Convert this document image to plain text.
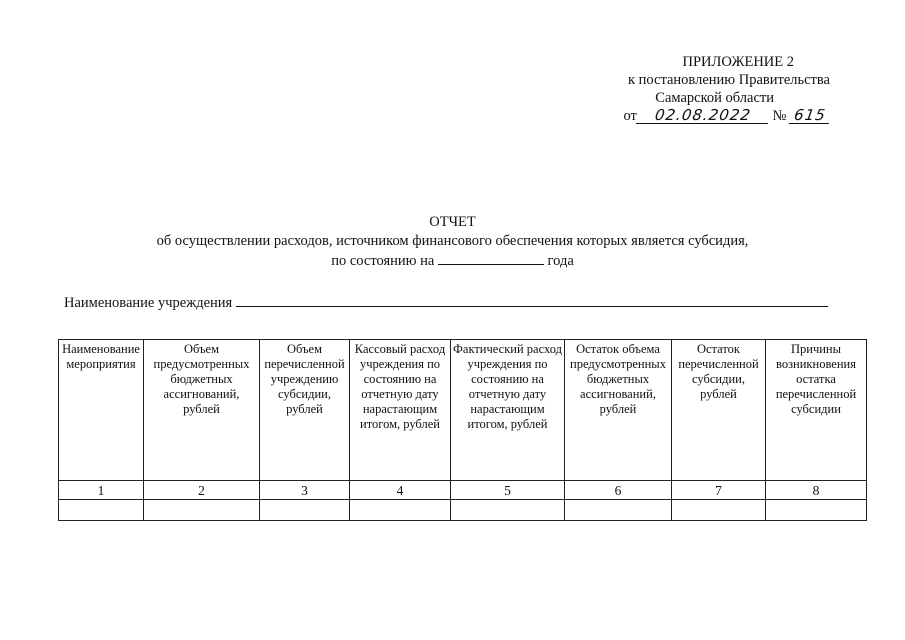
ПРИЛОЖЕНИЕ 2
к постановлению Правительства
Самарской области
от 02.08.2022 № 615
ОТЧЕТ
об осуществлении расходов, источником финансового обеспечения которых является субсидия,
по состоянию на	года
Наименование учреждения
Наименование мероприятия	Объем предусмотренных бюджетных ассигнований, рублей	Объем перечисленной учреждению субсидии, рублей	Кассовый расход учреждения по состоянию на отчетную дату нарастающим итогом, рублей	Фактический расход учреждения по состоянию на отчетную дату нарастающим итогом, рублей	Остаток объема предусмотренных бюджетных ассигнований, рублей	Остаток перечисленной субсидии, рублей	Причины возникновения остатка перечисленной субсидии
1	2	3	4	5	6	7	8
